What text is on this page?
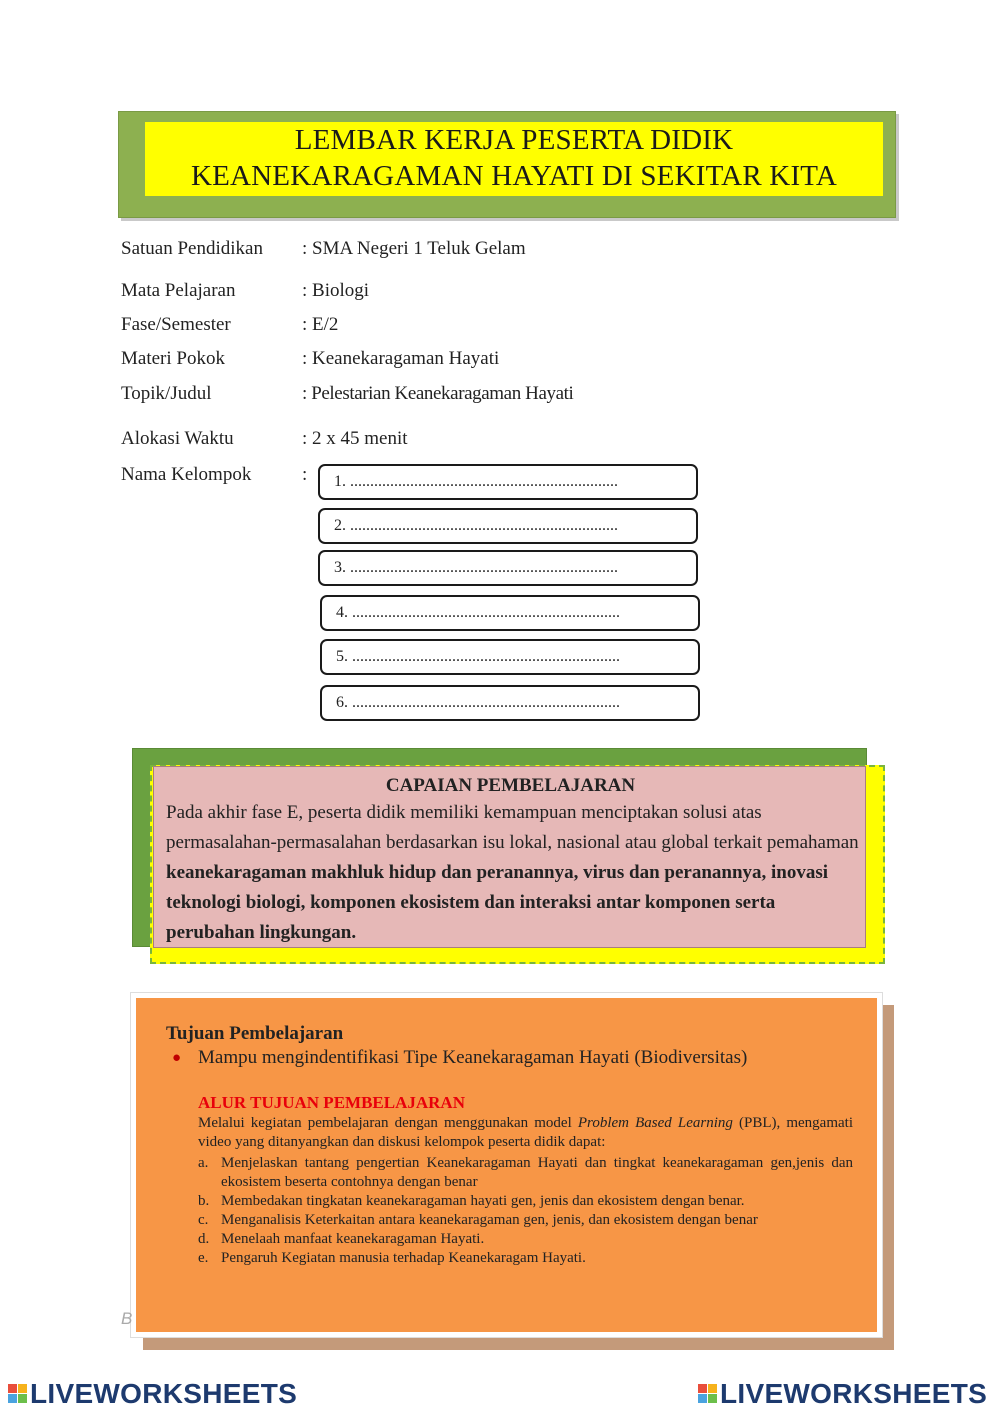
LEMBAR KERJA PESERTA DIDIK
KEANEKARAGAMAN HAYATI DI SEKITAR KITA
Satuan Pendidikan : SMA Negeri 1 Teluk Gelam
Mata Pelajaran	: Biologi
Fase/Semester	: E/2
Materi Pokok	: Keanekaragaman Hayati
Topik/Judul	: Pelestarian Keanekaragaman Hayati
Alokasi Waktu	: 2 x 45 menit
Nama Kelompok	:	1. ...................................................................
2. ...................................................................
3. ...................................................................
4. ...................................................................
5. ...................................................................
6. ...................................................................
CAPAIAN PEMBELAJARAN
Pada akhir fase E, peserta didik memiliki kemampuan menciptakan solusi atas permasalahan-permasalahan berdasarkan isu lokal, nasional atau global terkait pemahaman keanekaragaman makhluk hidup dan peranannya, virus dan peranannya, inovasi teknologi biologi, komponen ekosistem dan interaksi antar komponen serta perubahan lingkungan.
Tujuan Pembelajaran
● Mampu mengindentifikasi Tipe Keanekaragaman Hayati (Biodiversitas)
ALUR TUJUAN PEMBELAJARAN
Melalui kegiatan pembelajaran dengan menggunakan model Problem Based Learning (PBL), mengamati video yang ditanyangkan dan diskusi kelompok peserta didik dapat:
a. Menjelaskan tantang pengertian Keanekaragaman Hayati dan tingkat keanekaragaman gen,jenis dan ekosistem beserta contohnya dengan benar
b. Membedakan tingkatan keanekaragaman hayati gen, jenis dan ekosistem dengan benar.
c. Menganalisis Keterkaitan antara keanekaragaman gen, jenis, dan ekosistem dengan benar
d. Menelaah manfaat keanekaragaman Hayati.
e. Pengaruh Kegiatan manusia terhadap Keanekaragam Hayati.
B
LIVEWORKSHEETS	LIVEWORKSHEETS
